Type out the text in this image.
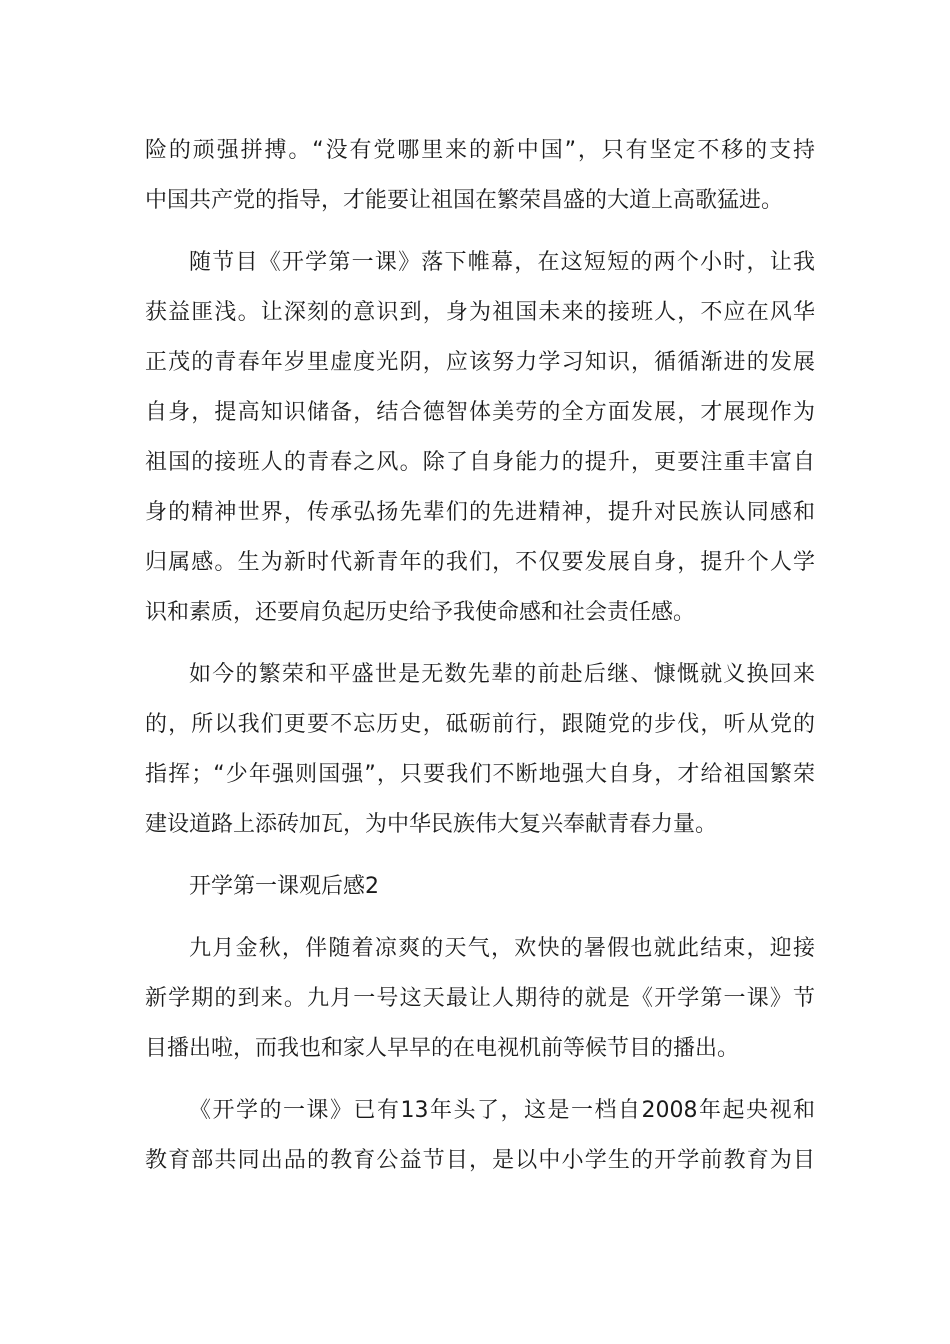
险的顽强拼搏。“没有党哪里来的新中国”，只有坚定不移的支持
中国共产党的指导，才能要让祖国在繁荣昌盛的大道上高歌猛进。
随节目《开学第一课》落下帷幕，在这短短的两个小时，让我
获益匪浅。让深刻的意识到，身为祖国未来的接班人，不应在风华
正茂的青春年岁里虚度光阴，应该努力学习知识，循循渐进的发展
自身，提高知识储备，结合德智体美劳的全方面发展，才展现作为
祖国的接班人的青春之风。除了自身能力的提升，更要注重丰富自
身的精神世界，传承弘扬先辈们的先进精神，提升对民族认同感和
归属感。生为新时代新青年的我们，不仅要发展自身，提升个人学
识和素质，还要肩负起历史给予我使命感和社会责任感。
如今的繁荣和平盛世是无数先辈的前赴后继、慷慨就义换回来
的，所以我们更要不忘历史，砥砺前行，跟随党的步伐，听从党的
指挥；“少年强则国强”，只要我们不断地强大自身，才给祖国繁荣
建设道路上添砖加瓦，为中华民族伟大复兴奉献青春力量。
开学第一课观后感2
九月金秋，伴随着凉爽的天气，欢快的暑假也就此结束，迎接
新学期的到来。九月一号这天最让人期待的就是《开学第一课》节
目播出啦，而我也和家人早早的在电视机前等候节目的播出。
《开学的一课》已有13年头了，这是一档自2008年起央视和
教育部共同出品的教育公益节目，是以中小学生的开学前教育为目
